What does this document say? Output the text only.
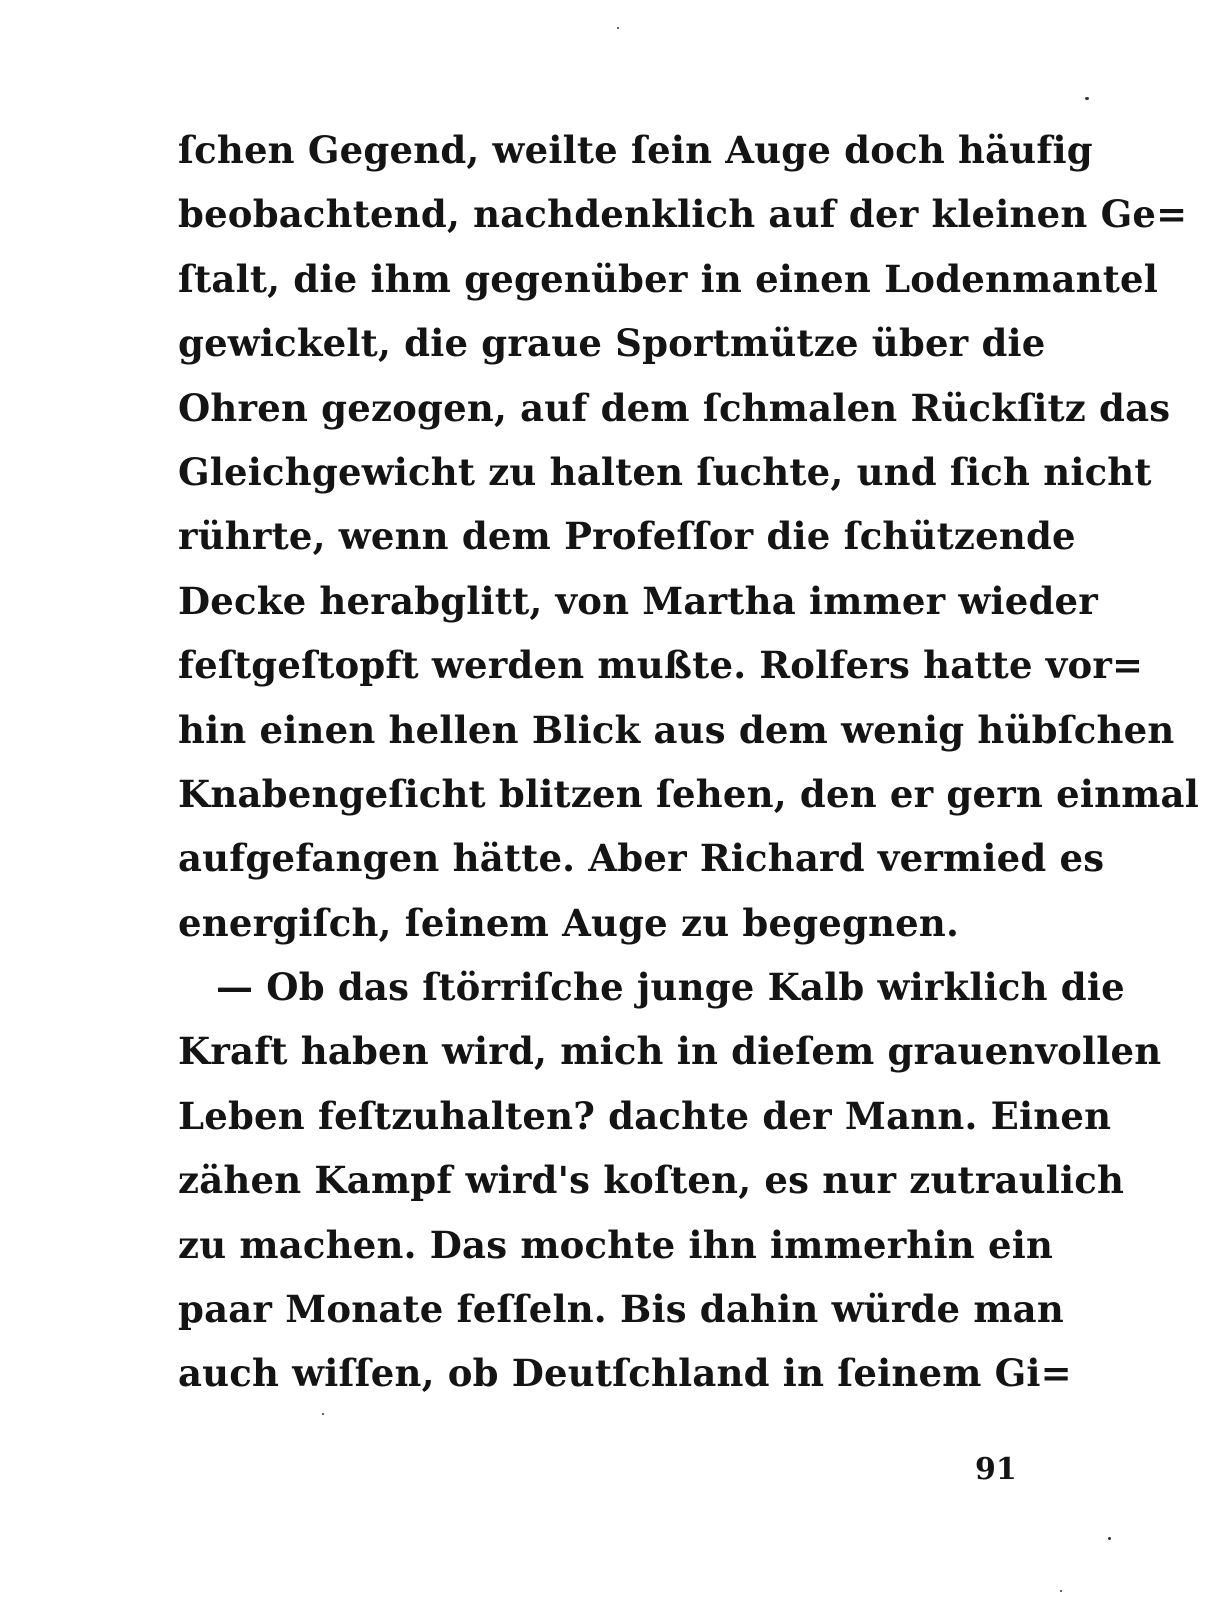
ſchen Gegend, weilte ſein Auge doch häufig
beobachtend, nachdenklich auf der kleinen Ge=
ſtalt, die ihm gegenüber in einen Lodenmantel
gewickelt, die graue Sportmütze über die
Ohren gezogen, auf dem ſchmalen Rückſitz das
Gleichgewicht zu halten ſuchte, und ſich nicht
rührte, wenn dem Profeſſor die ſchützende
Decke herabglitt, von Martha immer wieder
feſtgeſtopft werden mußte. Rolfers hatte vor=
hin einen hellen Blick aus dem wenig hübſchen
Knabengeſicht blitzen ſehen, den er gern einmal
aufgefangen hätte. Aber Richard vermied es
energiſch, ſeinem Auge zu begegnen.
— Ob das ſtörriſche junge Kalb wirklich die
Kraft haben wird, mich in dieſem grauenvollen
Leben feſtzuhalten? dachte der Mann. Einen
zähen Kampf wird's koſten, es nur zutraulich
zu machen. Das mochte ihn immerhin ein
paar Monate feſſeln. Bis dahin würde man
auch wiſſen, ob Deutſchland in ſeinem Gi=
91
